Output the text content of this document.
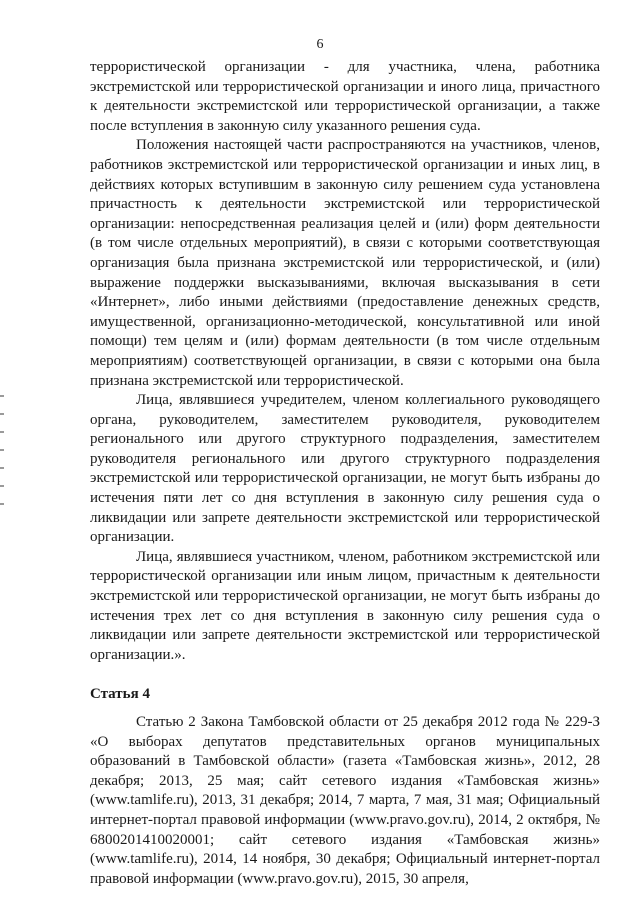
6

террористической организации - для участника, члена, работника экстремистской или террористической организации и иного лица, причастного к деятельности экстремистской или террористической организации, а также после вступления в законную силу указанного решения суда.

Положения настоящей части распространяются на участников, членов, работников экстремистской или террористической организации и иных лиц, в действиях которых вступившим в законную силу решением суда установлена причастность к деятельности экстремистской или террористической организации: непосредственная реализация целей и (или) форм деятельности (в том числе отдельных мероприятий), в связи с которыми соответствующая организация была признана экстремистской или террористической, и (или) выражение поддержки высказываниями, включая высказывания в сети «Интернет», либо иными действиями (предоставление денежных средств, имущественной, организационно-методической, консультативной или иной помощи) тем целям и (или) формам деятельности (в том числе отдельным мероприятиям) соответствующей организации, в связи с которыми она была признана экстремистской или террористической.

Лица, являвшиеся учредителем, членом коллегиального руководящего органа, руководителем, заместителем руководителя, руководителем регионального или другого структурного подразделения, заместителем руководителя регионального или другого структурного подразделения экстремистской или террористической организации, не могут быть избраны до истечения пяти лет со дня вступления в законную силу решения суда о ликвидации или запрете деятельности экстремистской или террористической организации.

Лица, являвшиеся участником, членом, работником экстремистской или террористической организации или иным лицом, причастным к деятельности экстремистской или террористической организации, не могут быть избраны до истечения трех лет со дня вступления в законную силу решения суда о ликвидации или запрете деятельности экстремистской или террористической организации.».

Статья 4

Статью 2 Закона Тамбовской области от 25 декабря 2012 года № 229-З «О выборах депутатов представительных органов муниципальных образований в Тамбовской области» (газета «Тамбовская жизнь», 2012, 28 декабря; 2013, 25 мая; сайт сетевого издания «Тамбовская жизнь» (www.tamlife.ru), 2013, 31 декабря; 2014, 7 марта, 7 мая, 31 мая; Официальный интернет-портал правовой информации (www.pravo.gov.ru), 2014, 2 октября, № 6800201410020001; сайт сетевого издания «Тамбовская жизнь» (www.tamlife.ru), 2014, 14 ноября, 30 декабря; Официальный интернет-портал правовой информации (www.pravo.gov.ru), 2015, 30 апреля,
